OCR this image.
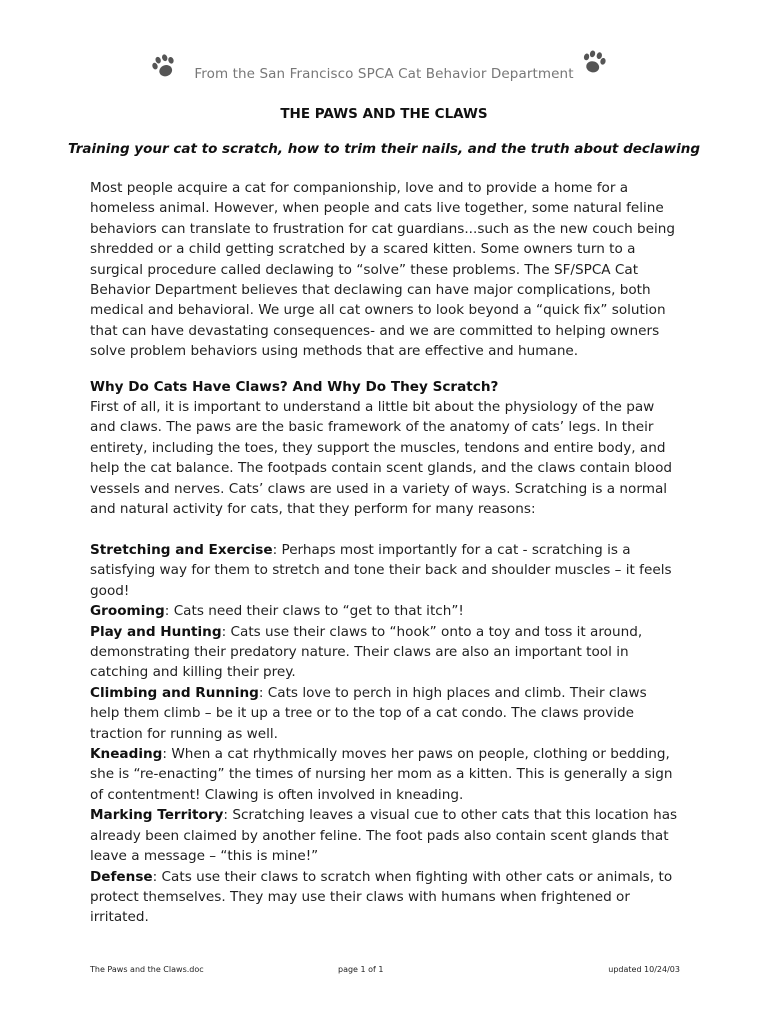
From the San Francisco SPCA Cat Behavior Department
THE PAWS AND THE CLAWS
Training your cat to scratch, how to trim their nails, and the truth about declawing

Most people acquire a cat for companionship, love and to provide a home for a homeless animal. However, when people and cats live together, some natural feline behaviors can translate to frustration for cat guardians...such as the new couch being shredded or a child getting scratched by a scared kitten. Some owners turn to a surgical procedure called declawing to “solve” these problems. The SF/SPCA Cat Behavior Department believes that declawing can have major complications, both medical and behavioral. We urge all cat owners to look beyond a “quick fix” solution that can have devastating consequences- and we are committed to helping owners solve problem behaviors using methods that are effective and humane.

Why Do Cats Have Claws? And Why Do They Scratch?

First of all, it is important to understand a little bit about the physiology of the paw and claws. The paws are the basic framework of the anatomy of cats’ legs. In their entirety, including the toes, they support the muscles, tendons and entire body, and help the cat balance. The footpads contain scent glands, and the claws contain blood vessels and nerves. Cats’ claws are used in a variety of ways. Scratching is a normal and natural activity for cats, that they perform for many reasons:

Stretching and Exercise: Perhaps most importantly for a cat - scratching is a satisfying way for them to stretch and tone their back and shoulder muscles – it feels good!

Grooming: Cats need their claws to “get to that itch”!

Play and Hunting: Cats use their claws to “hook” onto a toy and toss it around, demonstrating their predatory nature. Their claws are also an important tool in catching and killing their prey.

Climbing and Running: Cats love to perch in high places and climb. Their claws help them climb – be it up a tree or to the top of a cat condo. The claws provide traction for running as well.

Kneading: When a cat rhythmically moves her paws on people, clothing or bedding, she is “re-enacting” the times of nursing her mom as a kitten. This is generally a sign of contentment! Clawing is often involved in kneading.

Marking Territory: Scratching leaves a visual cue to other cats that this location has already been claimed by another feline. The foot pads also contain scent glands that leave a message – “this is mine!”

Defense: Cats use their claws to scratch when fighting with other cats or animals, to protect themselves. They may use their claws with humans when frightened or irritated.

The Paws and the Claws.doc	page 1 of 1	updated 10/24/03
